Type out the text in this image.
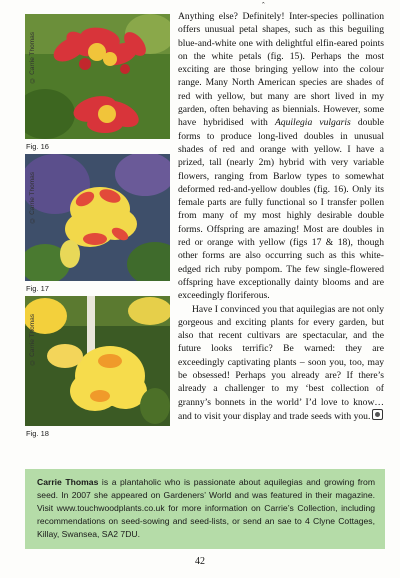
ˆ
© Carrie Thomas
Fig. 16
© Carrie Thomas
Fig. 17
© Carrie Thomas
Fig. 18

Anything else? Definitely! Inter-species pollination offers unusual petal shapes, such as this beguiling blue-and-white one with delightful elfin-eared points on the white petals (fig. 15). Perhaps the most exciting are those bringing yellow into the colour range. Many North American species are shades of red with yellow, but many are short lived in my garden, often behaving as biennials. However, some have hybridised with Aquilegia vulgaris double forms to produce long-lived doubles in unusual shades of red and orange with yellow. I have a prized, tall (nearly 2m) hybrid with very variable flowers, ranging from Barlow types to somewhat deformed red-and-yellow doubles (fig. 16). Only its female parts are fully functional so I transfer pollen from many of my most highly desirable double forms. Offspring are amazing! Most are doubles in red or orange with yellow (figs 17 & 18), though other forms are also occurring such as this white-edged rich ruby pompom. The few single-flowered offspring have exceptionally dainty blooms and are exceedingly floriferous.

Have I convinced you that aquilegias are not only gorgeous and exciting plants for every garden, but also that recent cultivars are spectacular, and the future looks terrific? Be warned: they are exceedingly captivating plants – soon you, too, may be obsessed! Perhaps you already are? If there’s already a challenger to my ‘best collection of granny’s bonnets in the world’ I’d love to know… and to visit your display and trade seeds with you.

Carrie Thomas is a plantaholic who is passionate about aquilegias and growing from seed. In 2007 she appeared on Gardeners’ World and was featured in their magazine. Visit www.touchwoodplants.co.uk for more information on Carrie’s Collection, including recommendations on seed-sowing and seed-lists, or send an sae to 4 Clyne Cottages, Killay, Swansea, SA2 7DU.
42
